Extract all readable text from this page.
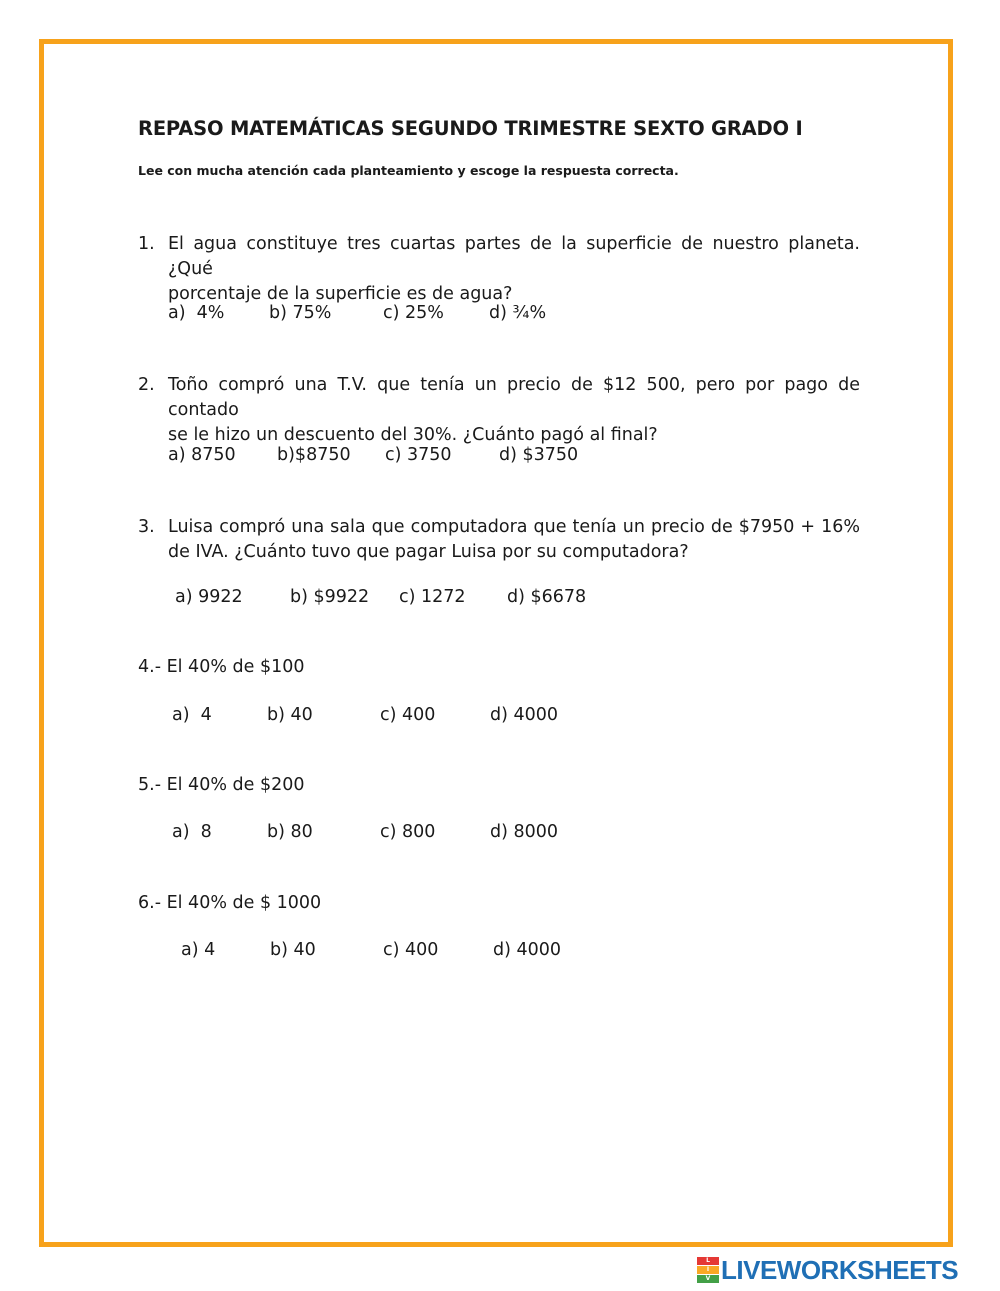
REPASO MATEMÁTICAS SEGUNDO TRIMESTRE SEXTO GRADO I
Lee con mucha atención cada planteamiento y escoge la respuesta correcta.
1. El agua constituye tres cuartas partes de la superficie de nuestro planeta. ¿Qué
porcentaje de la superficie es de agua?
a)  4%	b) 75%	c) 25%	d) ¾%
2. Toño compró una T.V. que tenía un precio de $12 500, pero por pago de contado
se le hizo un descuento del 30%. ¿Cuánto pagó al final?
a) 8750 b)$8750 c) 3750	d) $3750
3. Luisa compró una sala que computadora que tenía un precio de $7950 + 16%
de IVA. ¿Cuánto tuvo que pagar Luisa por su computadora?
a) 9922	b) $9922 c) 1272 d) $6678
4.- El 40% de $100
a)  4	b) 40	c) 400	d) 4000
5.- El 40% de $200
a)  8	b) 80	c) 800	d) 8000
6.- El 40% de $ 1000
a) 4	b) 40	c) 400	d) 4000
L
I
V LIVEWORKSHEETS
